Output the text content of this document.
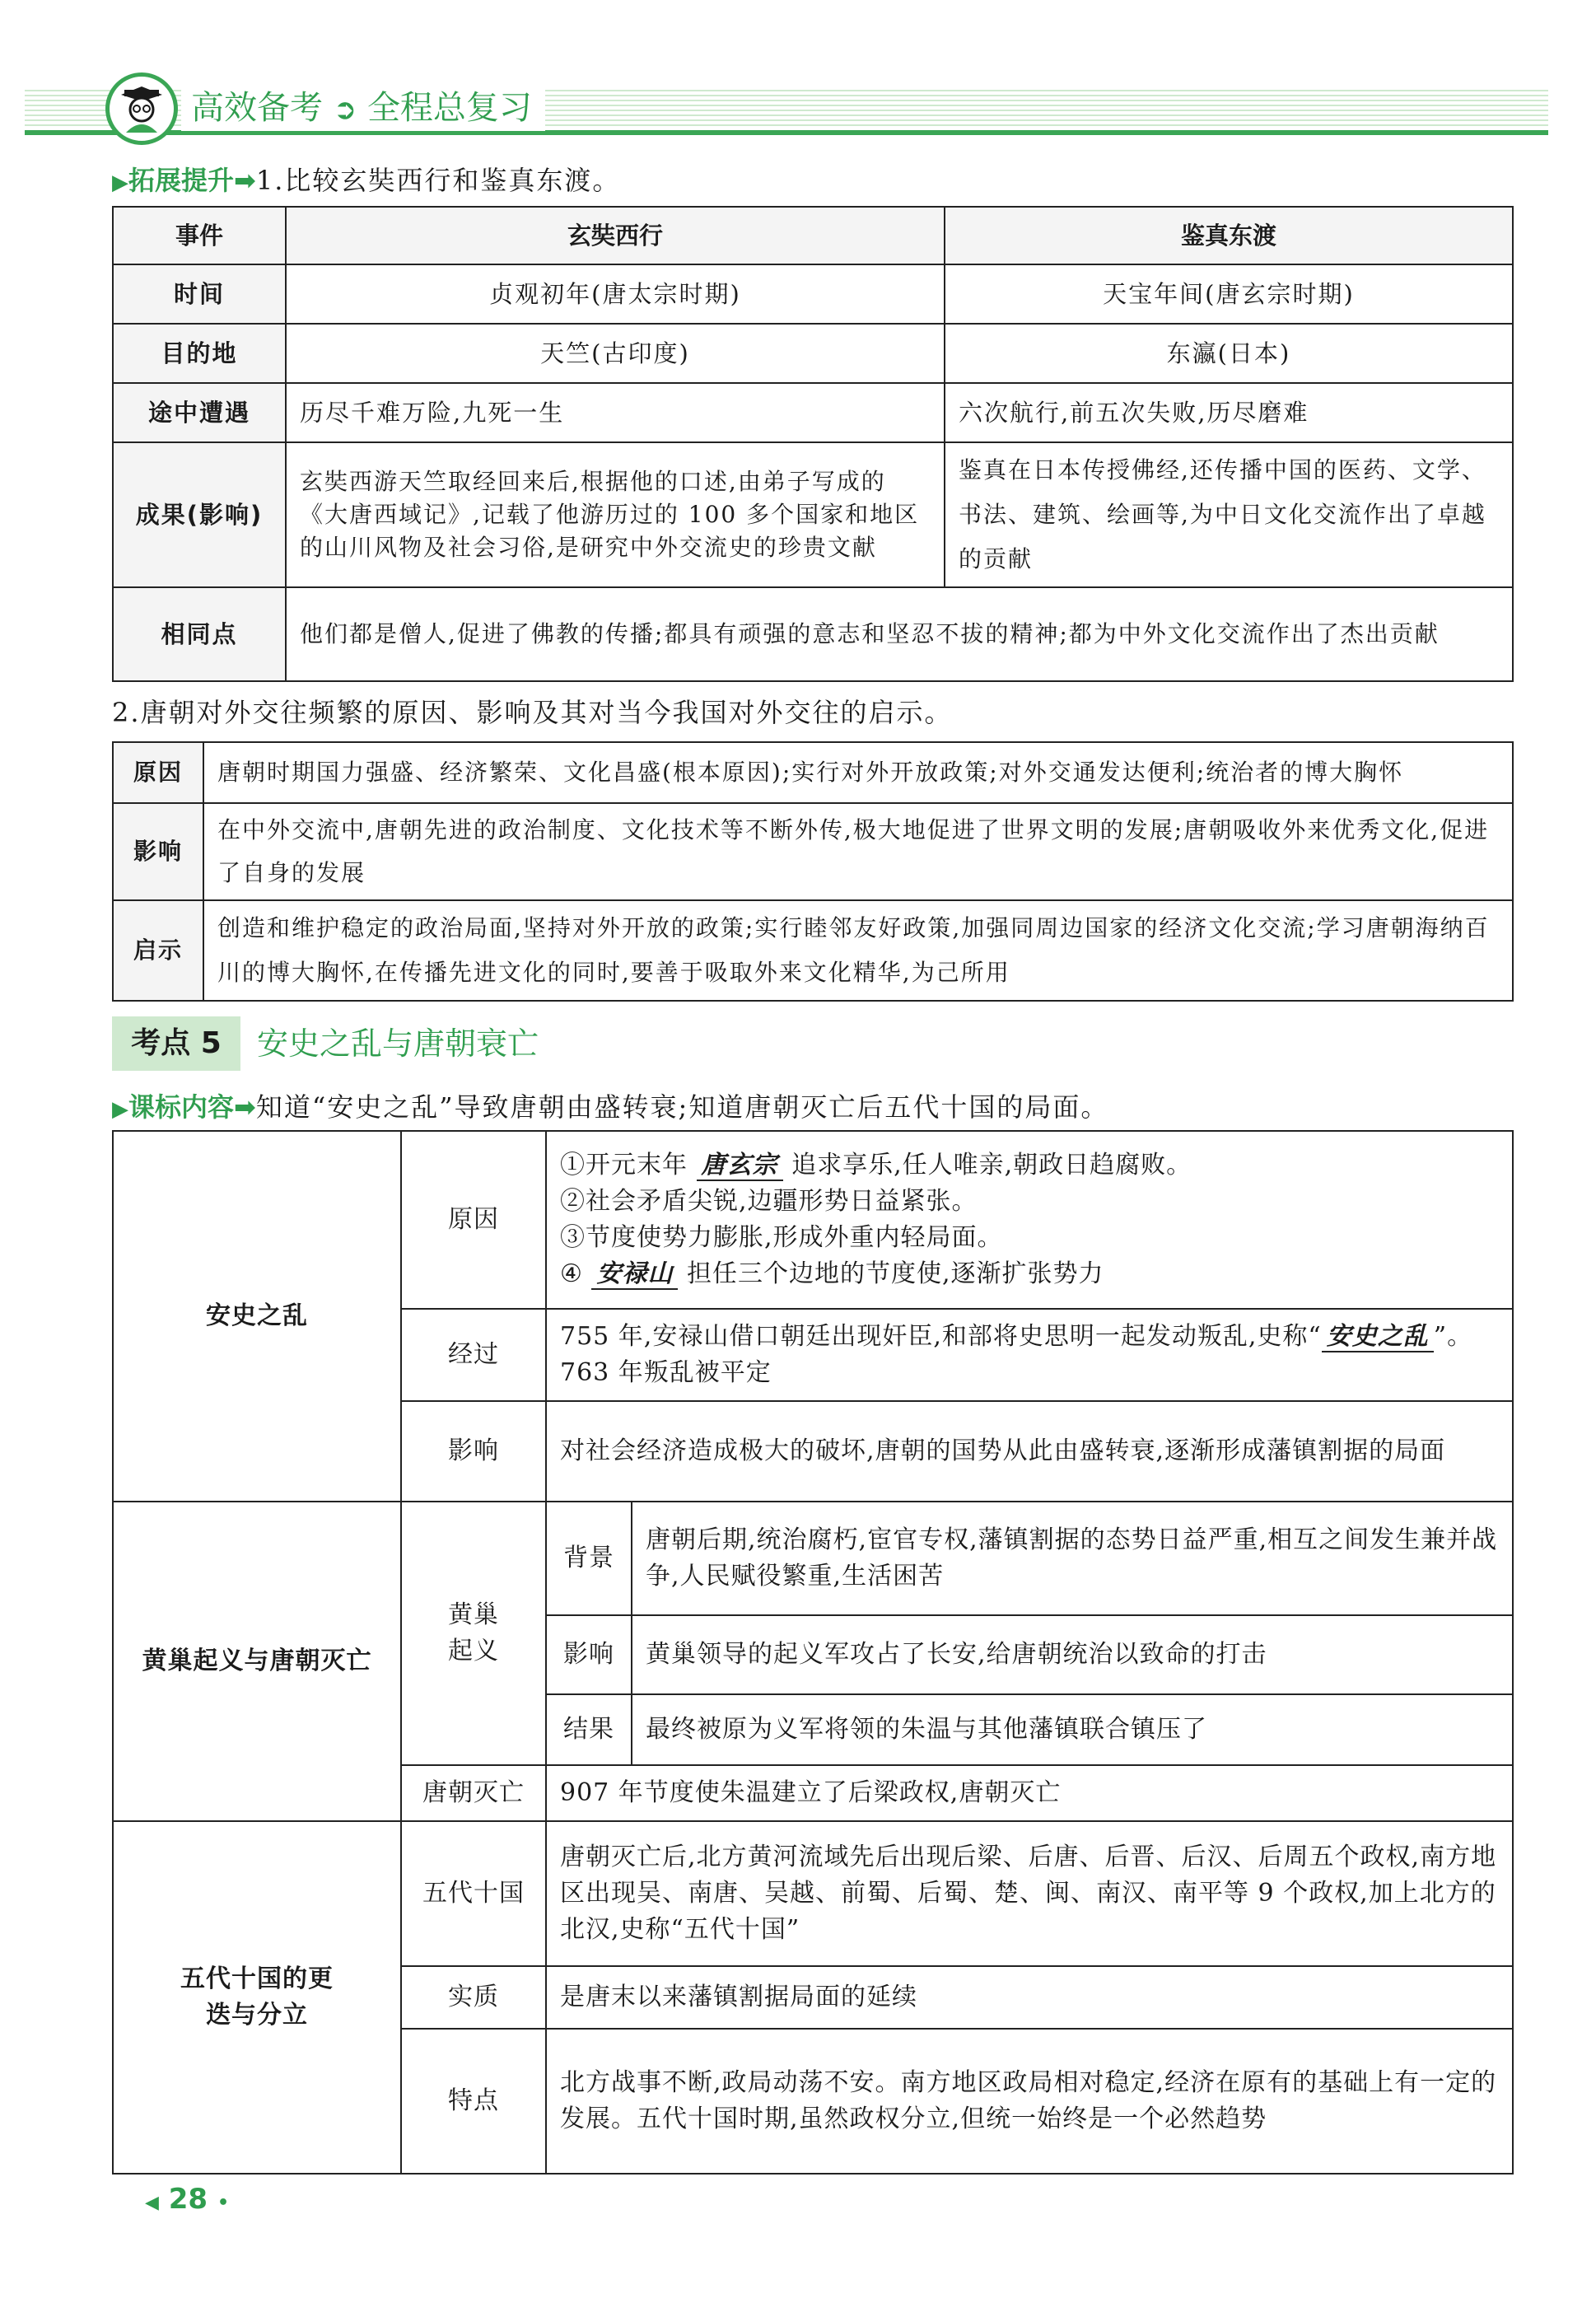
高效备考 ➲ 全程总复习
▶拓展提升➡1.比较玄奘西行和鉴真东渡。
事件	玄奘西行	鉴真东渡
时间	贞观初年(唐太宗时期)	天宝年间(唐玄宗时期)
目的地	天竺(古印度)	东瀛(日本)
途中遭遇	历尽千难万险,九死一生	六次航行,前五次失败,历尽磨难
成果(影响)	玄奘西游天竺取经回来后,根据他的口述,由弟子写成的《大唐西域记》,记载了他游历过的 100 多个国家和地区的山川风物及社会习俗,是研究中外交流史的珍贵文献	鉴真在日本传授佛经,还传播中国的医药、文学、书法、建筑、绘画等,为中日文化交流作出了卓越的贡献
相同点	他们都是僧人,促进了佛教的传播;都具有顽强的意志和坚忍不拔的精神;都为中外文化交流作出了杰出贡献	
2.唐朝对外交往频繁的原因、影响及其对当今我国对外交往的启示。
原因	唐朝时期国力强盛、经济繁荣、文化昌盛(根本原因);实行对外开放政策;对外交通发达便利;统治者的博大胸怀
影响	在中外交流中,唐朝先进的政治制度、文化技术等不断外传,极大地促进了世界文明的发展;唐朝吸收外来优秀文化,促进了自身的发展
启示	创造和维护稳定的政治局面,坚持对外开放的政策;实行睦邻友好政策,加强同周边国家的经济文化交流;学习唐朝海纳百川的博大胸怀,在传播先进文化的同时,要善于吸取外来文化精华,为己所用
考点 5	安史之乱与唐朝衰亡
▶课标内容➡知道“安史之乱”导致唐朝由盛转衰;知道唐朝灭亡后五代十国的局面。
安史之乱	原因	①开元末年 唐玄宗 追求享乐,任人唯亲,朝政日趋腐败。
②社会矛盾尖锐,边疆形势日益紧张。
③节度使势力膨胀,形成外重内轻局面。
④ 安禄山 担任三个边地的节度使,逐渐扩张势力	

	经过	755 年,安禄山借口朝廷出现奸臣,和部将史思明一起发动叛乱,史称“ 安史之乱 ”。763 年叛乱被平定	
	影响	对社会经济造成极大的破坏,唐朝的国势从此由盛转衰,逐渐形成藩镇割据的局面	
黄巢起义与唐朝灭亡	黄巢起义	背景	唐朝后期,统治腐朽,宦官专权,藩镇割据的态势日益严重,相互之间发生兼并战争,人民赋役繁重,生活困苦
		影响	黄巢领导的起义军攻占了长安,给唐朝统治以致命的打击
		结果	最终被原为义军将领的朱温与其他藩镇联合镇压了
	唐朝灭亡	907 年节度使朱温建立了后梁政权,唐朝灭亡	
五代十国的更迭与分立	五代十国	唐朝灭亡后,北方黄河流域先后出现后梁、后唐、后晋、后汉、后周五个政权,南方地区出现吴、南唐、吴越、前蜀、后蜀、楚、闽、南汉、南平等 9 个政权,加上北方的北汉,史称“五代十国”	
	实质	是唐末以来藩镇割据局面的延续	
	特点	北方战事不断,政局动荡不安。南方地区政局相对稳定,经济在原有的基础上有一定的发展。五代十国时期,虽然政权分立,但统一始终是一个必然趋势	
◀ 28 •
